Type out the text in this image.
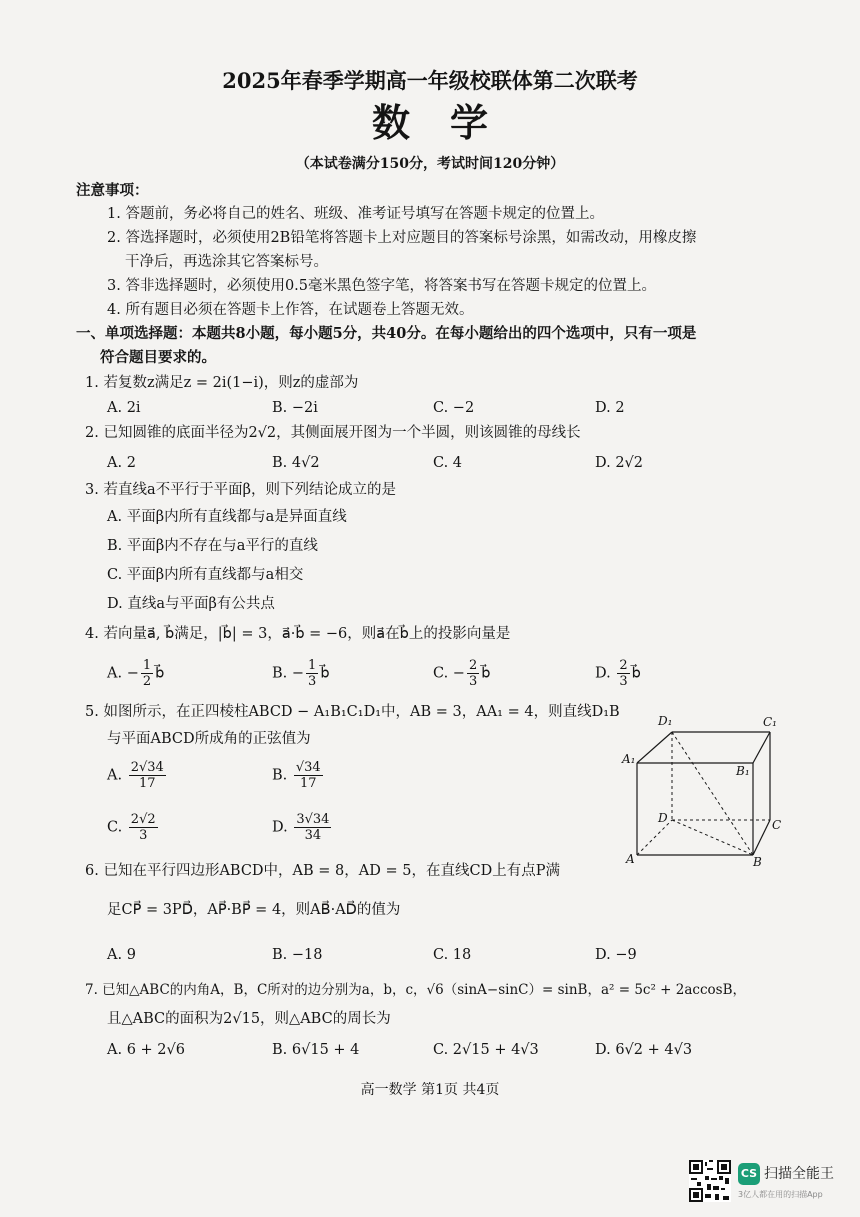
2025年春季学期高一年级校联体第二次联考
数学
（本试卷满分150分，考试时间120分钟）
注意事项：
1. 答题前，务必将自己的姓名、班级、准考证号填写在答题卡规定的位置上。
2. 答选择题时，必须使用2B铅笔将答题卡上对应题目的答案标号涂黑，如需改动，用橡皮擦
干净后，再选涂其它答案标号。
3. 答非选择题时，必须使用0.5毫米黑色签字笔，将答案书写在答题卡规定的位置上。
4. 所有题目必须在答题卡上作答，在试题卷上答题无效。
一、单项选择题：本题共8小题，每小题5分，共40分。在每小题给出的四个选项中，只有一项是
符合题目要求的。
1. 若复数z满足z = 2i(1−i)，则z的虚部为
A. 2i	B. −2i	C. −2	D. 2
2. 已知圆锥的底面半径为2√2，其侧面展开图为一个半圆，则该圆锥的母线长
A. 2	B. 4√2	C. 4	D. 2√2
3. 若直线a不平行于平面β，则下列结论成立的是
A. 平面β内所有直线都与a是异面直线
B. 平面β内不存在与a平行的直线
C. 平面β内所有直线都与a相交
D. 直线a与平面β有公共点
4. 若向量a⃗, b⃗满足，|b⃗| = 3，a⃗·b⃗ = −6，则a⃗在b⃗上的投影向量是
A. − $\frac{1}{2}$ b⃗	B. − $\frac{1}{3}$ b⃗	C. − $\frac{2}{3}$ b⃗	D. $\frac{2}{3}$ b⃗
5. 如图所示，在正四棱柱ABCD − A₁B₁C₁D₁中，AB = 3，AA₁ = 4，则直线D₁B
与平面ABCD所成角的正弦值为
A. $\frac{2√34}{17}$	B. $\frac{√34}{17}$
C. $\frac{2√2}{3}$	D. $\frac{3√34}{34}$
D₁	C₁
A₁
B₁
D	C
A	B
6. 已知在平行四边形ABCD中，AB = 8，AD = 5，在直线CD上有点P满
足CP⃗ = 3PD⃗，AP⃗·BP⃗ = 4，则AB⃗·AD⃗的值为
A. 9	B. −18	C. 18	D. −9
7. 已知△ABC的内角A，B，C所对的边分别为a，b，c，√6（sinA−sinC）= sinB，a² = 5c² + 2accosB，
且△ABC的面积为2√15，则△ABC的周长为
A. 6 + 2√6	B. 6√15 + 4	C. 2√15 + 4√3	D. 6√2 + 4√3
高一数学 第1页 共4页
CS 扫描全能王
3亿人都在用的扫描App
